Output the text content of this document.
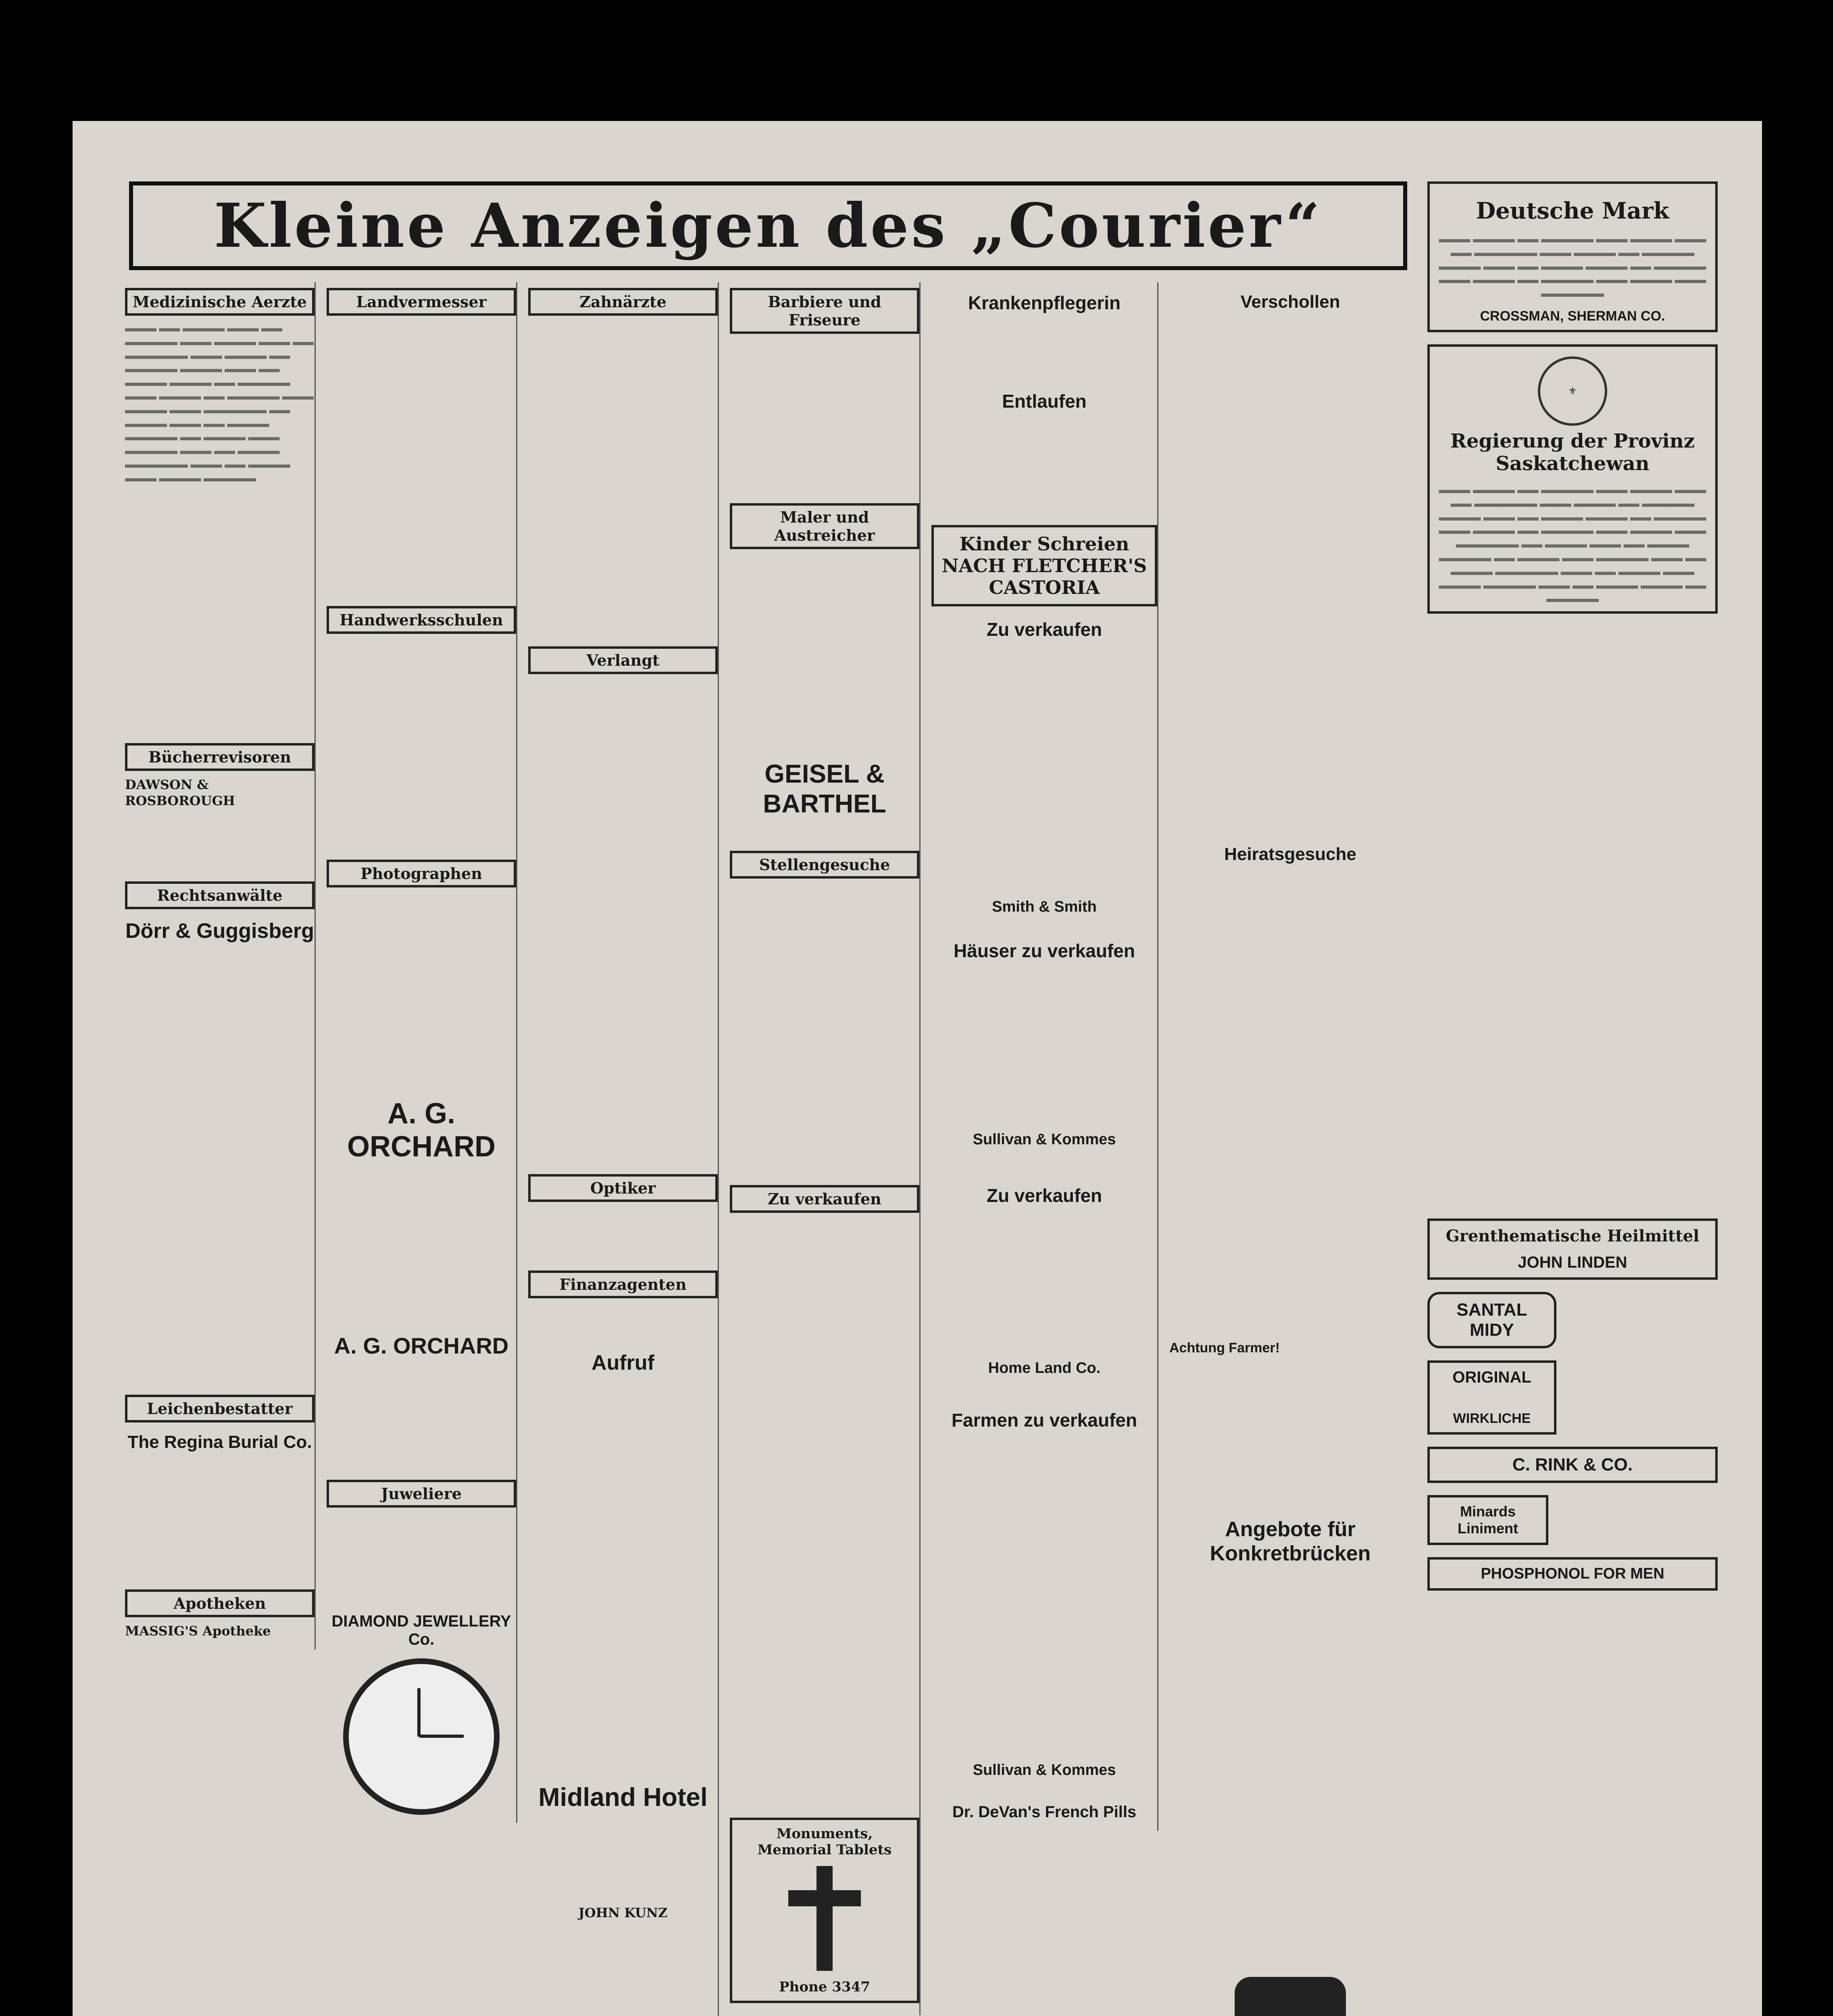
Kleine Anzeigen des „Courier“
Medizinische Aerzte
▬▬▬ ▬▬ ▬▬▬▬ ▬▬▬ ▬▬ ▬▬▬▬▬ ▬▬▬ ▬▬▬▬ ▬▬▬ ▬▬ ▬▬▬▬▬▬ ▬▬▬ ▬▬▬▬ ▬▬ ▬▬▬▬▬ ▬▬▬▬ ▬▬▬ ▬▬ ▬▬▬▬ ▬▬▬▬ ▬▬ ▬▬▬▬▬ ▬▬▬ ▬▬▬▬ ▬▬ ▬▬▬▬▬ ▬▬▬ ▬▬▬▬ ▬▬▬ ▬▬▬▬▬▬ ▬▬ ▬▬▬▬ ▬▬▬ ▬▬ ▬▬▬▬ ▬▬▬▬▬ ▬▬ ▬▬▬▬ ▬▬▬ ▬▬▬▬▬ ▬▬▬ ▬▬ ▬▬▬▬ ▬▬▬▬▬▬ ▬▬▬ ▬▬ ▬▬▬▬ ▬▬▬ ▬▬▬▬ ▬▬▬▬▬
Bücherrevisoren
DAWSON & ROSBOROUGH
Rechtsanwälte
Dörr & Guggisberg
Leichenbestatter
The Regina Burial Co.
Apotheken
MASSIG'S Apotheke
Landvermesser
Handwerksschulen
Photographen
A. G. ORCHARD
A. G. ORCHARD
Juweliere
DIAMOND JEWELLERY Co.
Zahnärzte
Verlangt
Optiker
Finanzagenten
Aufruf
Midland Hotel
JOHN KUNZ
Barbiere und Friseure
Maler und Austreicher
GEISEL & BARTHEL
Stellengesuche
Zu verkaufen
Monuments, Memorial Tablets
Phone 3347
Krankenpflegerin
Entlaufen
Kinder Schreien NACH FLETCHER'S CASTORIA
Zu verkaufen
Smith & Smith
Häuser zu verkaufen
Sullivan & Kommes
Zu verkaufen
Home Land Co.
Farmen zu verkaufen
Sullivan & Kommes
Dr. DeVan's French Pills
Verschollen
Heiratsgesuche
Achtung Farmer!
Angebote für Konkretbrücken
Deutsche Mark
▬▬▬ ▬▬▬▬ ▬▬ ▬▬▬▬▬ ▬▬▬ ▬▬▬▬ ▬▬▬ ▬▬ ▬▬▬▬▬▬ ▬▬▬ ▬▬▬▬ ▬▬ ▬▬▬▬▬ ▬▬▬▬ ▬▬▬ ▬▬ ▬▬▬▬ ▬▬▬▬ ▬▬ ▬▬▬▬▬ ▬▬▬ ▬▬▬▬ ▬▬ ▬▬▬▬▬ ▬▬▬ ▬▬▬▬ ▬▬▬ ▬▬▬▬▬▬
CROSSMAN, SHERMAN CO.
⚜
Regierung der Provinz Saskatchewan
▬▬▬ ▬▬▬▬ ▬▬ ▬▬▬▬▬ ▬▬▬ ▬▬▬▬ ▬▬▬ ▬▬ ▬▬▬▬▬▬ ▬▬▬ ▬▬▬▬ ▬▬ ▬▬▬▬▬ ▬▬▬▬ ▬▬▬ ▬▬ ▬▬▬▬ ▬▬▬▬ ▬▬ ▬▬▬▬▬ ▬▬▬ ▬▬▬▬ ▬▬ ▬▬▬▬▬ ▬▬▬ ▬▬▬▬ ▬▬▬ ▬▬▬▬▬▬ ▬▬ ▬▬▬▬ ▬▬▬ ▬▬ ▬▬▬▬ ▬▬▬▬▬ ▬▬ ▬▬▬▬ ▬▬▬ ▬▬▬▬▬ ▬▬▬ ▬▬ ▬▬▬▬ ▬▬▬▬▬▬ ▬▬▬ ▬▬ ▬▬▬▬ ▬▬▬ ▬▬▬▬ ▬▬▬▬▬ ▬▬▬ ▬▬ ▬▬▬▬ ▬▬▬▬ ▬▬ ▬▬▬▬▬
Grenthematische Heilmittel
JOHN LINDEN
SANTAL MIDY
ORIGINAL
WIRKLICHE
C. RINK & CO.
Minards Liniment
PHOSPHONOL FOR MEN
